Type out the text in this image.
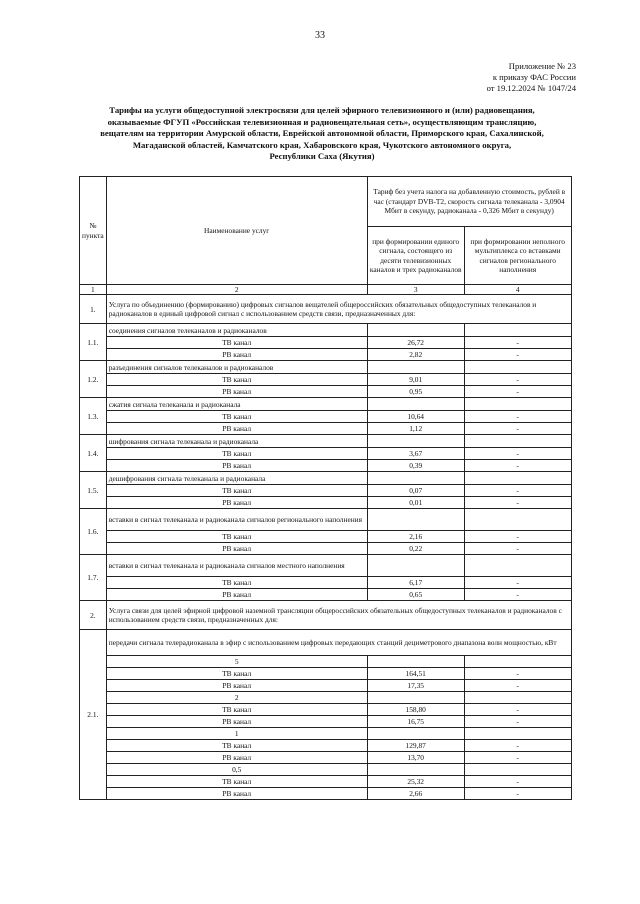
33
Приложение № 23
к приказу ФАС России
от 19.12.2024 № 1047/24
Тарифы на услуги общедоступной электросвязи для целей эфирного телевизионного и (или) радиовещания,
оказываемые ФГУП «Российская телевизионная и радиовещательная сеть», осуществляющим трансляцию,
вещателям на территории Амурской области, Еврейской автономной области, Приморского края, Сахалинской,
Магаданской областей, Камчатского края, Хабаровского края, Чукотского автономного округа,
Республики Саха (Якутия)
№ пункта	Наименование услуг	Тариф без учета налога на добавленную стоимость, рублей в час (стандарт DVB-T2, скорость сигнала телеканала - 3,0904 Мбит в секунду, радиоканала - 0,326 Мбит в секунду)	
		при формировании единого сигнала, состоящего из десяти телевизионных каналов и трех радиоканалов	при формировании неполного мультиплекса со вставками сигналов регионального наполнения
1	2	3	4
1.	Услуга по объединению (формированию) цифровых сигналов вещателей общероссийских обязательных общедоступных телеканалов и радиоканалов в единый цифровой сигнал с использованием средств связи, предназначенных для:		
1.1.	соединения сигналов телеканалов и радиоканалов		
	ТВ канал	26,72	-
	РВ канал	2,82	-
1.2.	разъединения сигналов телеканалов и радиоканалов		
	ТВ канал	9,01	-
	РВ канал	0,95	-
1.3.	сжатия сигнала телеканала и радиоканала		
	ТВ канал	10,64	-
	РВ канал	1,12	-
1.4.	шифрования сигнала телеканала и радиоканала		
	ТВ канал	3,67	-
	РВ канал	0,39	-
1.5.	дешифрования сигнала телеканала и радиоканала		
	ТВ канал	0,07	-
	РВ канал	0,01	-
1.6.	вставки в сигнал телеканала и радиоканала сигналов регионального наполнения		
	ТВ канал	2,16	-
	РВ канал	0,22	-
1.7.	вставки в сигнал телеканала и радиоканала сигналов местного наполнения		
	ТВ канал	6,17	-
	РВ канал	0,65	-
2.	Услуга связи для целей эфирной цифровой наземной трансляции общероссийских обязательных общедоступных телеканалов и радиоканалов с использованием средств связи, предназначенных для:		
2.1.	передачи сигнала телерадиоканала в эфир с использованием цифровых передающих станций дециметрового диапазона волн мощностью, кВт		
	5		
	ТВ канал	164,51	-
	РВ канал	17,35	-
	2		
	ТВ канал	158,80	-
	РВ канал	16,75	-
	1		
	ТВ канал	129,87	-
	РВ канал	13,70	-
	0,5		
	ТВ канал	25,32	-
	РВ канал	2,66	-
